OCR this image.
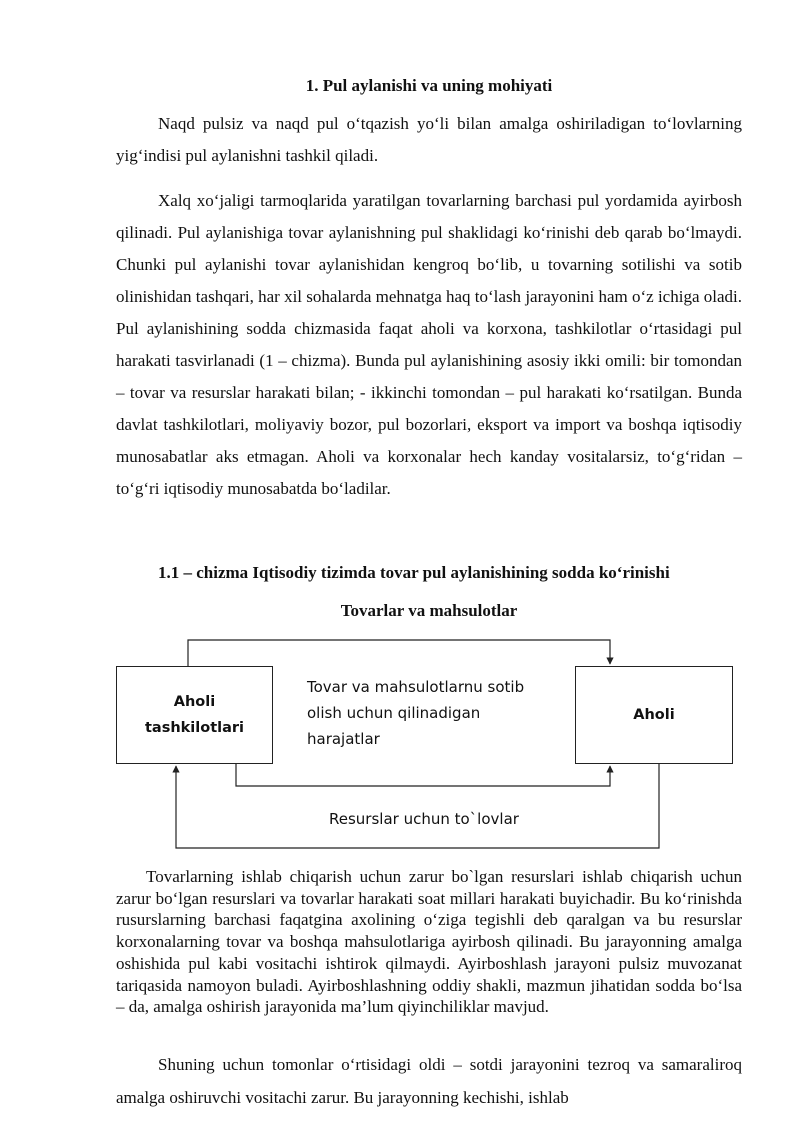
1. Pul aylanishi va uning mohiyati

Naqd pulsiz va naqd pul o‘tqazish yo‘li bilan amalga oshiriladigan to‘lovlarning yig‘indisi pul aylanishni tashkil qiladi.

Xalq xo‘jaligi tarmoqlarida yaratilgan tovarlarning barchasi pul yordamida ayirbosh qilinadi. Pul aylanishiga tovar aylanishning pul shaklidagi ko‘rinishi deb qarab bo‘lmaydi. Chunki pul aylanishi tovar aylanishidan kengroq bo‘lib, u tovarning sotilishi va sotib olinishidan tashqari, har xil sohalarda mehnatga haq to‘lash jarayonini ham o‘z ichiga oladi. Pul aylanishining sodda chizmasida faqat aholi va korxona, tashkilotlar o‘rtasidagi pul harakati tasvirlanadi (1 – chizma). Bunda pul aylanishining asosiy ikki omili: bir tomondan – tovar va resurslar harakati bilan; - ikkinchi tomondan – pul harakati ko‘rsatilgan. Bunda davlat tashkilotlari, moliyaviy bozor, pul bozorlari, eksport va import va boshqa iqtisodiy munosabatlar aks etmagan. Aholi va korxonalar hech kanday vositalarsiz, to‘g‘ridan – to‘g‘ri iqtisodiy munosabatda bo‘ladilar.

1.1 – chizma Iqtisodiy tizimda tovar pul aylanishining sodda ko‘rinishi

Tovarlar va mahsulotlar

Aholi tashkilotlari
Aholi

Tovar va mahsulotlarnu sotib olish uchun qilinadigan harajatlar

Resurslar uchun to`lovlar

Tovarlarning ishlab chiqarish uchun zarur bo`lgan resurslari ishlab chiqarish uchun zarur bo‘lgan resurslari va tovarlar harakati soat millari harakati buyichadir. Bu ko‘rinishda rusurslarning barchasi faqatgina axolining o‘ziga tegishli deb qaralgan va bu resurslar korxonalarning tovar va boshqa mahsulotlariga ayirbosh qilinadi. Bu jarayonning amalga oshishida pul kabi vositachi ishtirok qilmaydi. Ayirboshlash jarayoni pulsiz muvozanat tariqasida namoyon buladi. Ayirboshlashning oddiy shakli, mazmun jihatidan sodda bo‘lsa – da, amalga oshirish jarayonida ma’lum qiyinchiliklar mavjud.

Shuning uchun tomonlar o‘rtisidagi oldi – sotdi jarayonini tezroq va samaraliroq amalga oshiruvchi vositachi zarur. Bu jarayonning kechishi, ishlab
